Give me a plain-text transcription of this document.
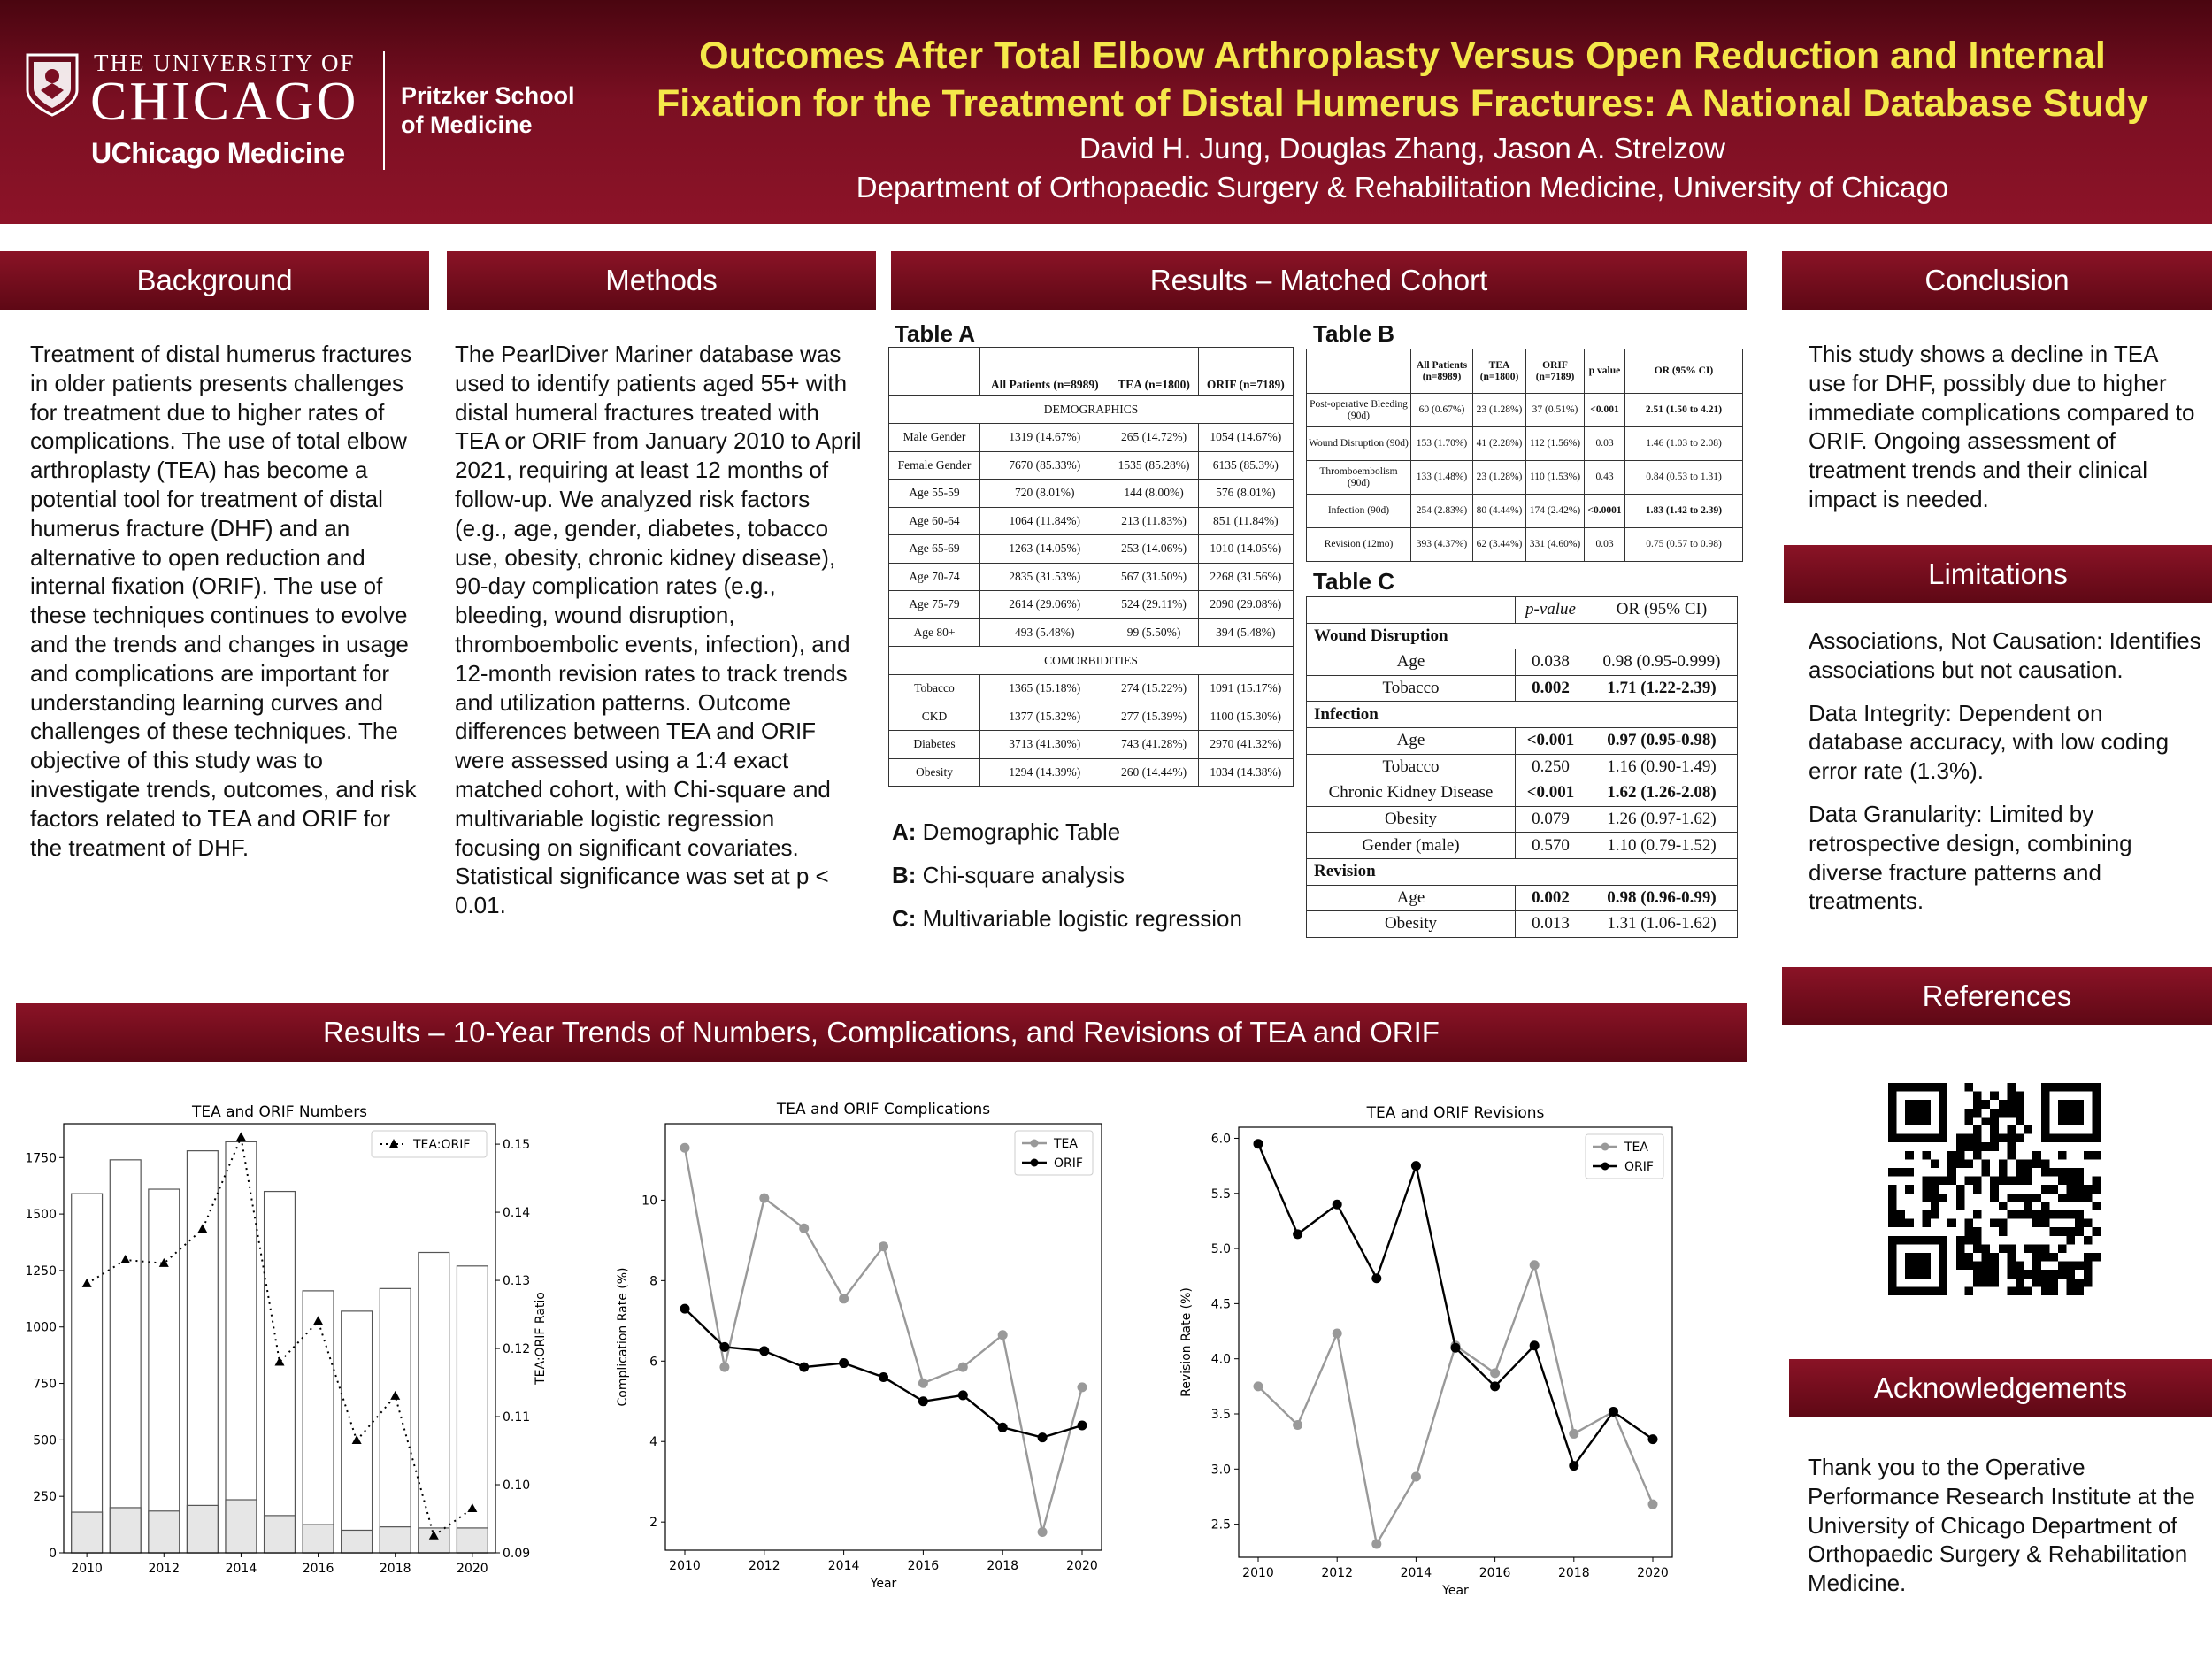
THE UNIVERSITY OF
CHICAGO
UChicago Medicine
Pritzker School
of Medicine
Outcomes After Total Elbow Arthroplasty Versus Open Reduction and Internal
Fixation for the Treatment of Distal Humerus Fractures: A National Database Study
David H. Jung, Douglas Zhang, Jason A. Strelzow
Department of Orthopaedic Surgery & Rehabilitation Medicine, University of Chicago
Background	Methods	Results – Matched Cohort	Conclusion
Limitations
References
Acknowledgements
Results – 10-Year Trends of Numbers, Complications, and Revisions of TEA and ORIF
Treatment of distal humerus fractures in older patients presents challenges for treatment due to higher rates of complications. The use of total elbow arthroplasty (TEA) has become a potential tool for treatment of distal humerus fracture (DHF) and an alternative to open reduction and internal fixation (ORIF). The use of these techniques continues to evolve and the trends and changes in usage and complications are important for understanding learning curves and challenges of these techniques. The objective of this study was to investigate trends, outcomes, and risk factors related to TEA and ORIF for the treatment of DHF.
The PearlDiver Mariner database was used to identify patients aged 55+ with distal humeral fractures treated with TEA or ORIF from January 2010 to April 2021, requiring at least 12 months of follow-up. We analyzed risk factors (e.g., age, gender, diabetes, tobacco use, obesity, chronic kidney disease), 90-day complication rates (e.g., bleeding, wound disruption, thromboembolic events, infection), and 12-month revision rates to track trends and utilization patterns. Outcome differences between TEA and ORIF were assessed using a 1:4 exact matched cohort, with Chi-square and multivariable logistic regression focusing on significant covariates. Statistical significance was set at p < 0.01.
Table A
	All Patients (n=8989)	TEA (n=1800)	ORIF (n=7189)
DEMOGRAPHICS			
Male Gender	1319 (14.67%)	265 (14.72%)	1054 (14.67%)
Female Gender	7670 (85.33%)	1535 (85.28%)	6135 (85.3%)
Age 55-59	720 (8.01%)	144 (8.00%)	576 (8.01%)
Age 60-64	1064 (11.84%)	213 (11.83%)	851 (11.84%)
Age 65-69	1263 (14.05%)	253 (14.06%)	1010 (14.05%)
Age 70-74	2835 (31.53%)	567 (31.50%)	2268 (31.56%)
Age 75-79	2614 (29.06%)	524 (29.11%)	2090 (29.08%)
Age 80+	493 (5.48%)	99 (5.50%)	394 (5.48%)
COMORBIDITIES			
Tobacco	1365 (15.18%)	274 (15.22%)	1091 (15.17%)
CKD	1377 (15.32%)	277 (15.39%)	1100 (15.30%)
Diabetes	3713 (41.30%)	743 (41.28%)	2970 (41.32%)
Obesity	1294 (14.39%)	260 (14.44%)	1034 (14.38%)
Table B
	All Patients (n=8989)	TEA (n=1800)	ORIF (n=7189)	p value	OR (95% CI)
Post-operative Bleeding (90d)	60 (0.67%)	23 (1.28%)	37 (0.51%)	<0.001	2.51 (1.50 to 4.21)
Wound Disruption (90d)	153 (1.70%)	41 (2.28%)	112 (1.56%)	0.03	1.46 (1.03 to 2.08)
Thromboembolism (90d)	133 (1.48%)	23 (1.28%)	110 (1.53%)	0.43	0.84 (0.53 to 1.31)
Infection (90d)	254 (2.83%)	80 (4.44%)	174 (2.42%)	<0.0001	1.83 (1.42 to 2.39)
Revision (12mo)	393 (4.37%)	62 (3.44%)	331 (4.60%)	0.03	0.75 (0.57 to 0.98)
Table C
	p-value	OR (95% CI)
Wound Disruption		
Age	0.038	0.98 (0.95-0.999)
Tobacco	0.002	1.71 (1.22-2.39)
Infection		
Age	<0.001	0.97 (0.95-0.98)
Tobacco	0.250	1.16 (0.90-1.49)
Chronic Kidney Disease	<0.001	1.62 (1.26-2.08)
Obesity	0.079	1.26 (0.97-1.62)
Gender (male)	0.570	1.10 (0.79-1.52)
Revision		
Age	0.002	0.98 (0.96-0.99)
Obesity	0.013	1.31 (1.06-1.62)
A: Demographic Table
B: Chi-square analysis
C: Multivariable logistic regression
This study shows a decline in TEA use for DHF, possibly due to higher immediate complications compared to ORIF. Ongoing assessment of treatment trends and their clinical impact is needed.

Associations, Not Causation: Identifies associations but not causation.

Data Integrity: Dependent on database accuracy, with low coding error rate (1.3%).

Data Granularity: Limited by retrospective design, combining diverse fracture patterns and treatments.

Thank you to the Operative Performance Research Institute at the University of Chicago Department of Orthopaedic Surgery & Rehabilitation Medicine.
TEA and ORIF Numbers
0
250
500
750
1000
1250
1500
1750
0.09
0.10
0.11
0.12
0.13
0.14
0.15
2010	2012	2014	2016	2018	2020
TEA:ORIF Ratio
TEA:ORIF
TEA and ORIF Complications
2
4
6
8
10
2010	2012	2014	2016	2018	2020
Year
Complication Rate (%)
TEA
ORIF
TEA and ORIF Revisions
2.5
3.0
3.5
4.0
4.5
5.0
5.5
6.0
2010	2012	2014	2016	2018	2020
Year
Revision Rate (%)
TEA
ORIF
